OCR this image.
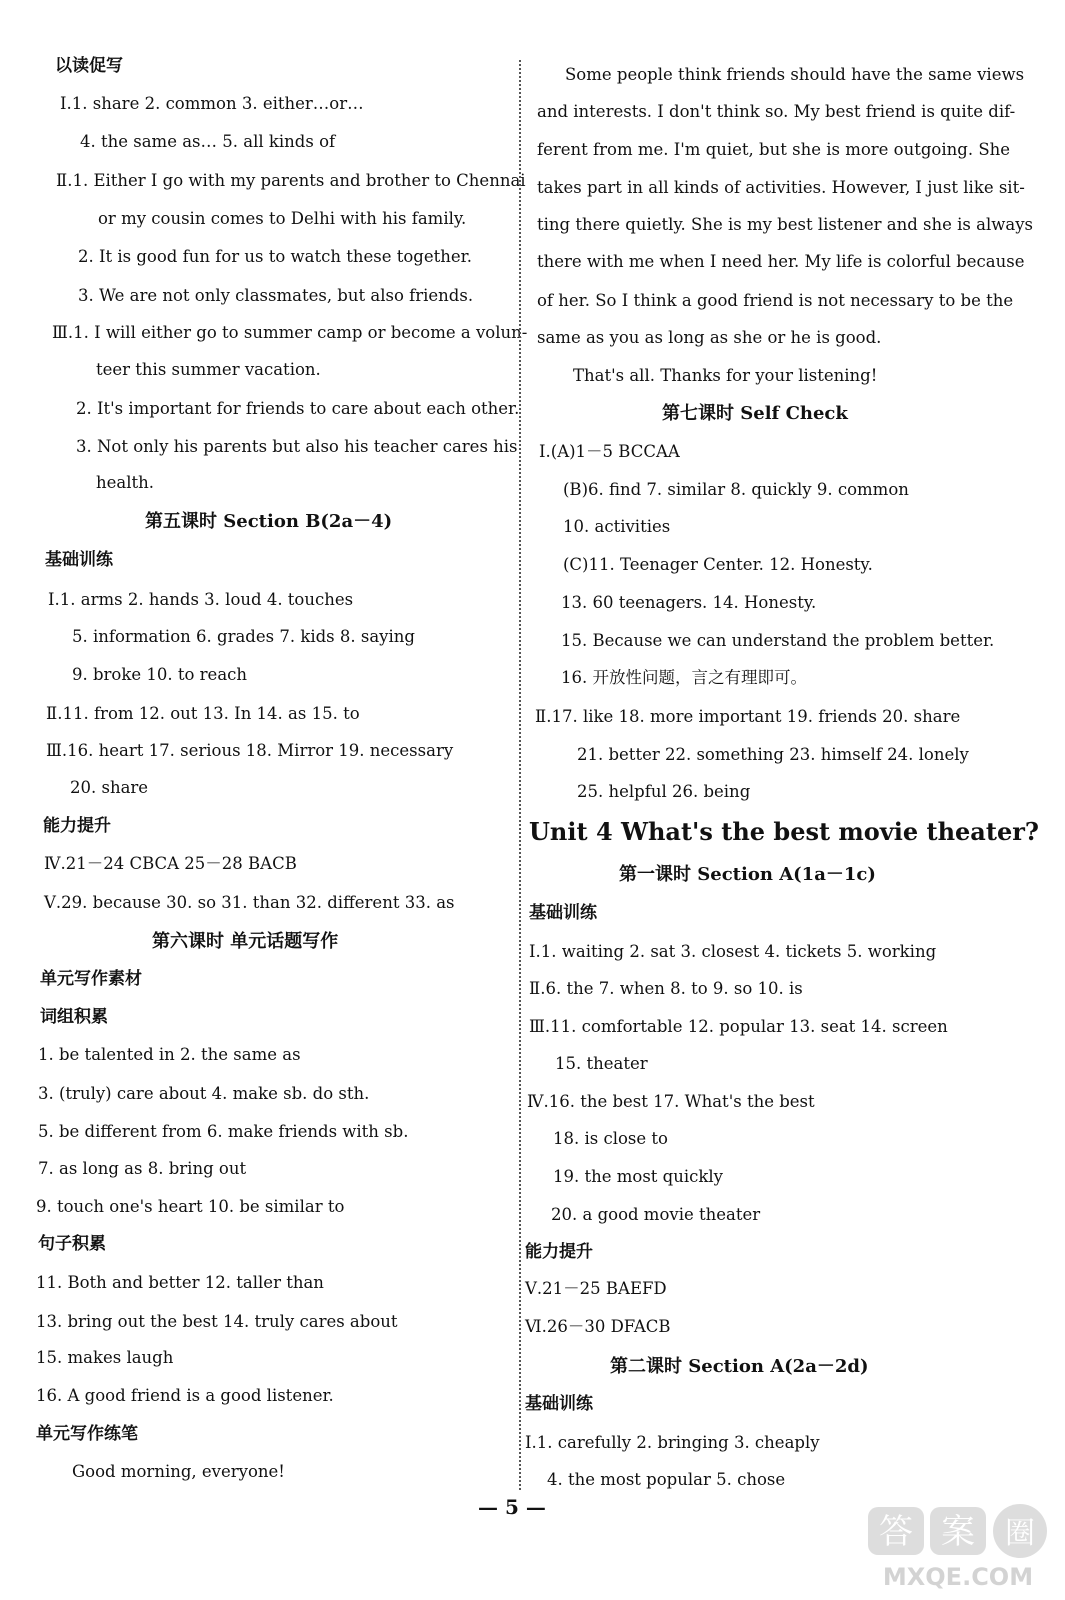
以读促写
Ⅰ.1. share 2. common 3. either…or…
4. the same as… 5. all kinds of
Ⅱ.1. Either I go with my parents and brother to Chennai
or my cousin comes to Delhi with his family.
2. It is good fun for us to watch these together.
3. We are not only classmates, but also friends.
Ⅲ.1. I will either go to summer camp or become a volun-
teer this summer vacation.
2. It's important for friends to care about each other.
3. Not only his parents but also his teacher cares his
health.
第五课时 Section B(2a－4)
基础训练
Ⅰ.1. arms 2. hands 3. loud 4. touches
5. information 6. grades 7. kids 8. saying
9. broke 10. to reach
Ⅱ.11. from 12. out 13. In 14. as 15. to
Ⅲ.16. heart 17. serious 18. Mirror 19. necessary
20. share
能力提升
Ⅳ.21－24 CBCA 25－28 BACB
Ⅴ.29. because 30. so 31. than 32. different 33. as
第六课时 单元话题写作
单元写作素材
词组积累
1. be talented in 2. the same as
3. (truly) care about 4. make sb. do sth.
5. be different from 6. make friends with sb.
7. as long as 8. bring out
9. touch one's heart 10. be similar to
句子积累
11. Both and better 12. taller than
13. bring out the best 14. truly cares about
15. makes laugh
16. A good friend is a good listener.
单元写作练笔
Good morning, everyone!
Some people think friends should have the same views
and interests. I don't think so. My best friend is quite dif-
ferent from me. I'm quiet, but she is more outgoing. She
takes part in all kinds of activities. However, I just like sit-
ting there quietly. She is my best listener and she is always
there with me when I need her. My life is colorful because
of her. So I think a good friend is not necessary to be the
same as you as long as she or he is good.
That's all. Thanks for your listening!
第七课时 Self Check
Ⅰ.(A)1－5 BCCAA
(B)6. find 7. similar 8. quickly 9. common
10. activities
(C)11. Teenager Center. 12. Honesty.
13. 60 teenagers. 14. Honesty.
15. Because we can understand the problem better.
16. 开放性问题，言之有理即可。
Ⅱ.17. like 18. more important 19. friends 20. share
21. better 22. something 23. himself 24. lonely
25. helpful 26. being
Unit 4 What's the best movie theater?
第一课时 Section A(1a－1c)
基础训练
Ⅰ.1. waiting 2. sat 3. closest 4. tickets 5. working
Ⅱ.6. the 7. when 8. to 9. so 10. is
Ⅲ.11. comfortable 12. popular 13. seat 14. screen
15. theater
Ⅳ.16. the best 17. What's the best
18. is close to
19. the most quickly
20. a good movie theater
能力提升
Ⅴ.21－25 BAEFD
Ⅵ.26－30 DFACB
第二课时 Section A(2a－2d)
基础训练
Ⅰ.1. carefully 2. bringing 3. cheaply
4. the most popular 5. chose
— 5 —
答 案 圈
MXQE.COM
